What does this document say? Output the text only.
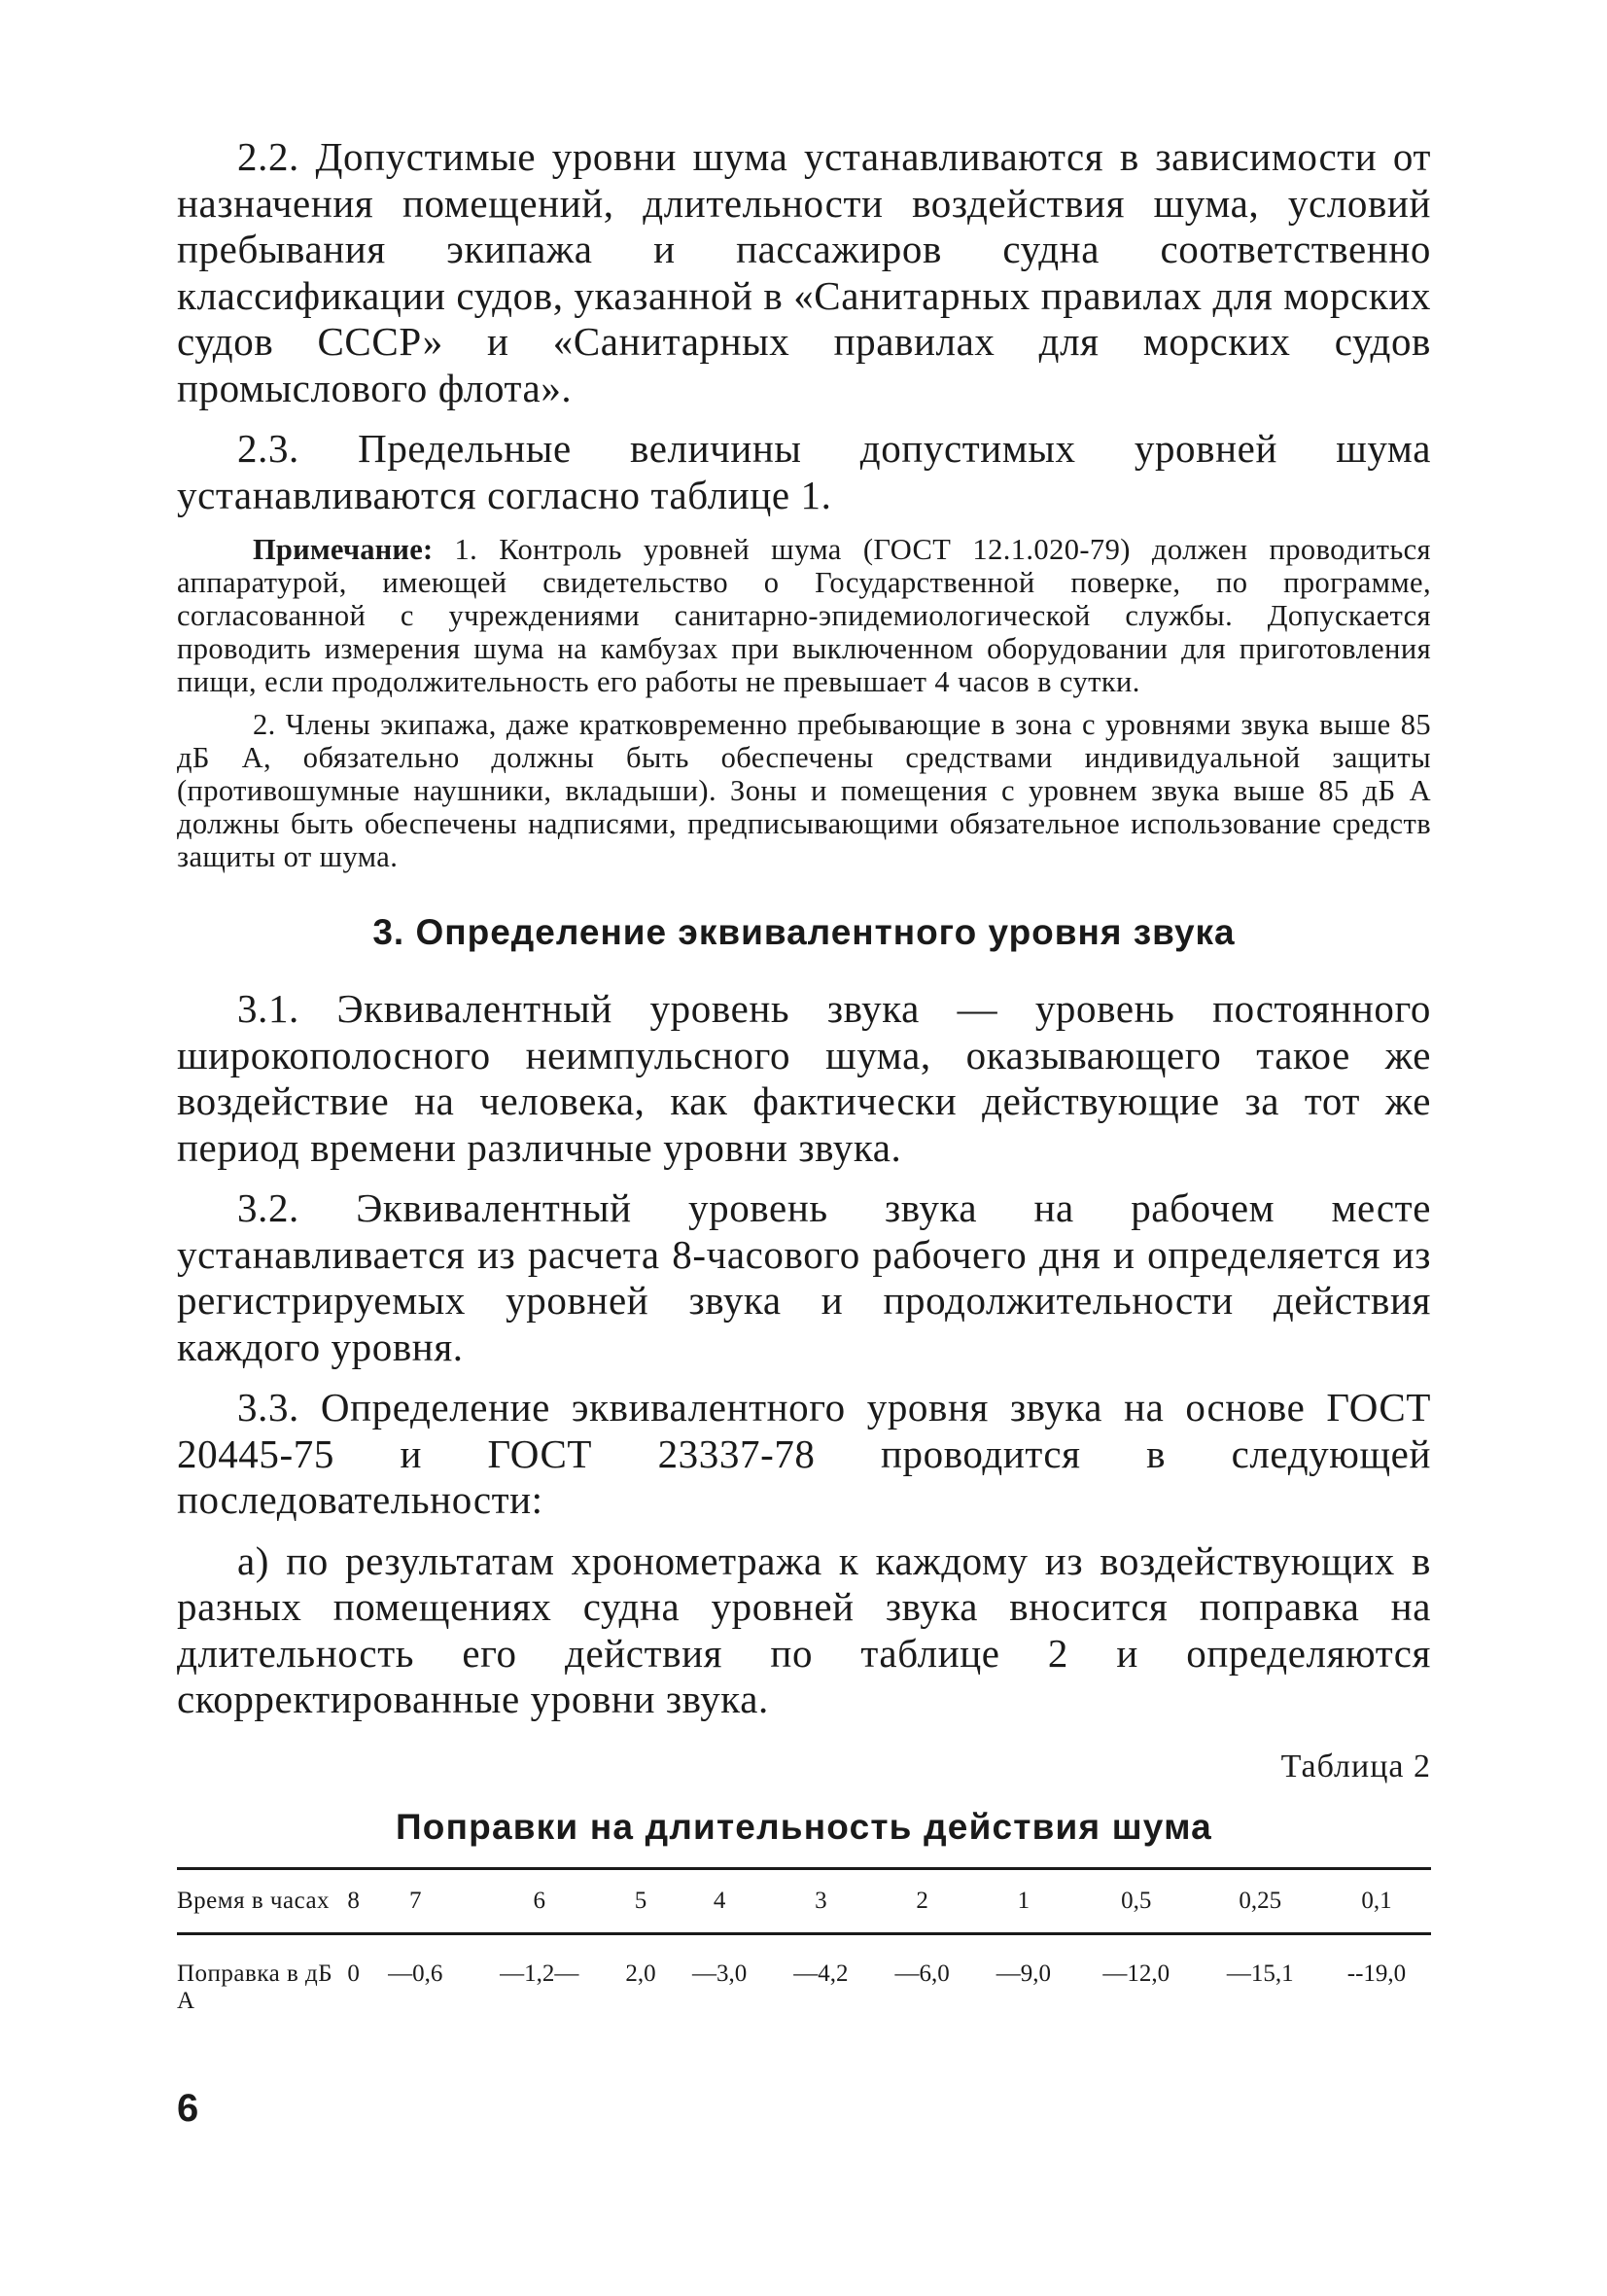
2.2. Допустимые уровни шума устанавливаются в зависимости от назначения помещений, длительности воздействия шума, условий пребывания экипажа и пассажиров судна соответственно классификации судов, указанной в «Санитарных правилах для морских судов СССР» и «Санитарных правилах для морских судов промыслового флота».

2.3. Предельные величины допустимых уровней шума устанавливаются согласно таблице 1.

Примечание: 1. Контроль уровней шума (ГОСТ 12.1.020-79) должен проводиться аппаратурой, имеющей свидетельство о Государственной поверке, по программе, согласованной с учреждениями санитарно-эпидемиологической службы. Допускается проводить измерения шума на камбузах при выключенном оборудовании для приготовления пищи, если продолжительность его работы не превышает 4 часов в сутки.

2. Члены экипажа, даже кратковременно пребывающие в зона с уровнями звука выше 85 дБ А, обязательно должны быть обеспечены средствами индивидуальной защиты (противошумные наушники, вкладыши). Зоны и помещения с уровнем звука выше 85 дБ А должны быть обеспечены надписями, предписывающими обязательное использование средств защиты от шума.

3. Определение эквивалентного уровня звука

3.1. Эквивалентный уровень звука — уровень постоянного широкополосного неимпульсного шума, оказывающего такое же воздействие на человека, как фактически действующие за тот же период времени различные уровни звука.

3.2. Эквивалентный уровень звука на рабочем месте устанавливается из расчета 8-часового рабочего дня и определяется из регистрируемых уровней звука и продолжительности действия каждого уровня.

3.3. Определение эквивалентного уровня звука на основе ГОСТ 20445-75 и ГОСТ 23337-78 проводится в следующей последовательности:

а) по результатам хронометража к каждому из воздействующих в разных помещениях судна уровней звука вносится поправка на длительность его действия по таблице 2 и определяются скорректированные уровни звука.

Таблица 2
Поправки на длительность действия шума
Время в часах	8	7	6	5	4	3	2	1	0,5	0,25	0,1
Поправка в дБ А	0	—0,6	—1,2—	2,0	—3,0	—4,2	—6,0	—9,0	—12,0	—15,1	--19,0
6
